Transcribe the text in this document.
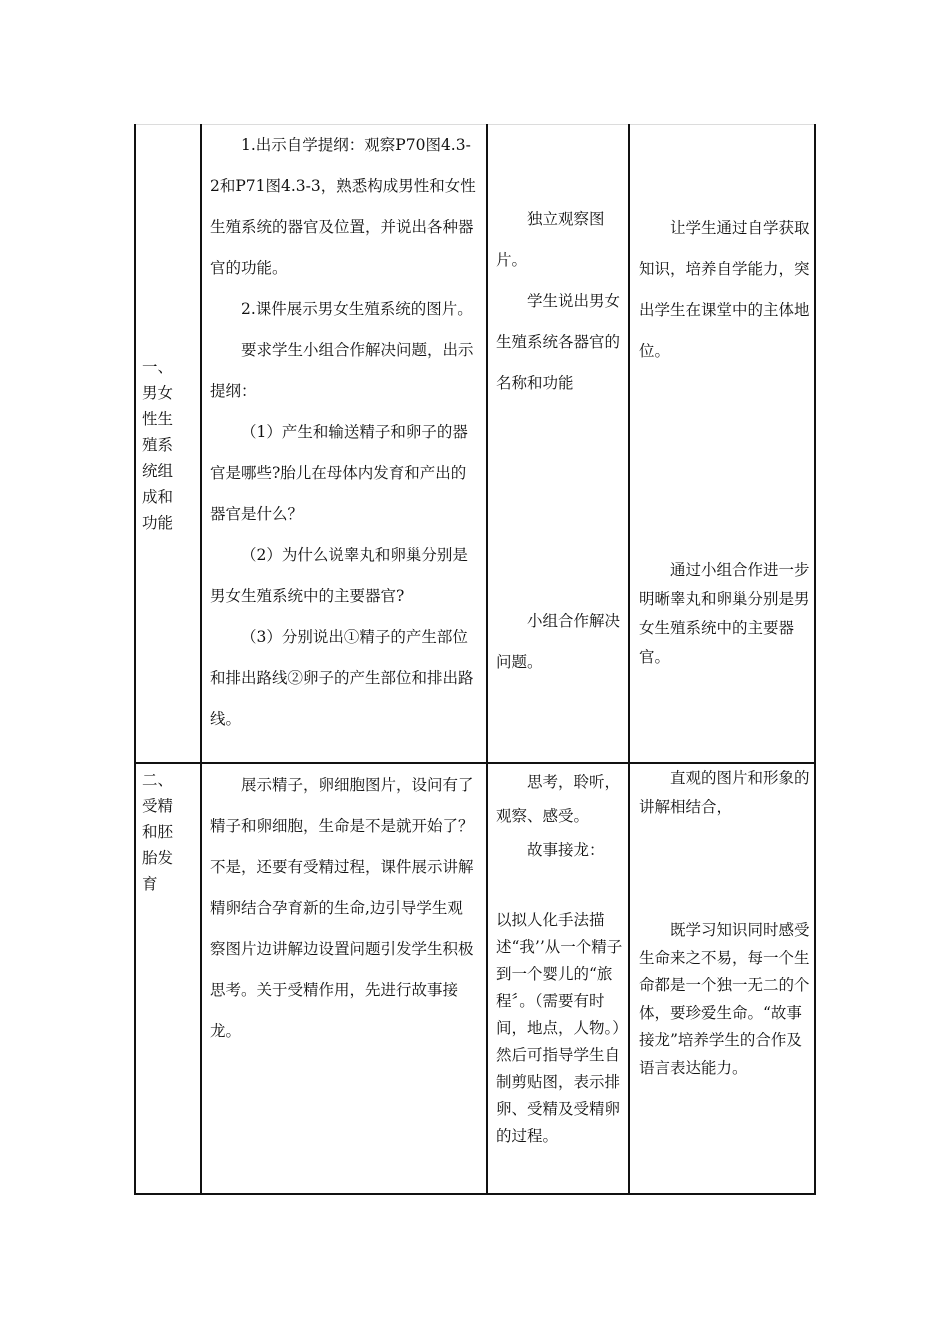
一、
男女
性生
殖系
统组
成和
功能

1.出示自学提纲：观察P70图4.3-2和P71图4.3-3，熟悉构成男性和女性生殖系统的器官及位置，并说出各种器官的功能。

2.课件展示男女生殖系统的图片。

要求学生小组合作解决问题，出示提纲：

（1）产生和输送精子和卵子的器官是哪些?胎儿在母体内发育和产出的器官是什么？

（2）为什么说睾丸和卵巢分别是男女生殖系统中的主要器官?

（3）分别说出①精子的产生部位和排出路线②卵子的产生部位和排出路线。

独立观察图片。

学生说出男女生殖系统各器官的名称和功能

小组合作解决问题。

让学生通过自学获取知识，培养自学能力，突出学生在课堂中的主体地位。

通过小组合作进一步明晰睾丸和卵巢分别是男女生殖系统中的主要器官。

二、
受精
和胚
胎发
育

展示精子，卵细胞图片，设问有了精子和卵细胞，生命是不是就开始了？不是，还要有受精过程，课件展示讲解精卵结合孕育新的生命,边引导学生观察图片边讲解边设置问题引发学生积极思考。关于受精作用，先进行故事接龙。

思考，聆听，观察、感受。

故事接龙：

以拟人化手法描述“我’’从一个精子到一个婴儿的“旅程〞。（需要有时间，地点，人物。）然后可指导学生自制剪贴图，表示排卵、受精及受精卵的过程。

直观的图片和形象的讲解相结合，

既学习知识同时感受生命来之不易，每一个生命都是一个独一无二的个体，要珍爱生命。“故事接龙”培养学生的合作及语言表达能力。
